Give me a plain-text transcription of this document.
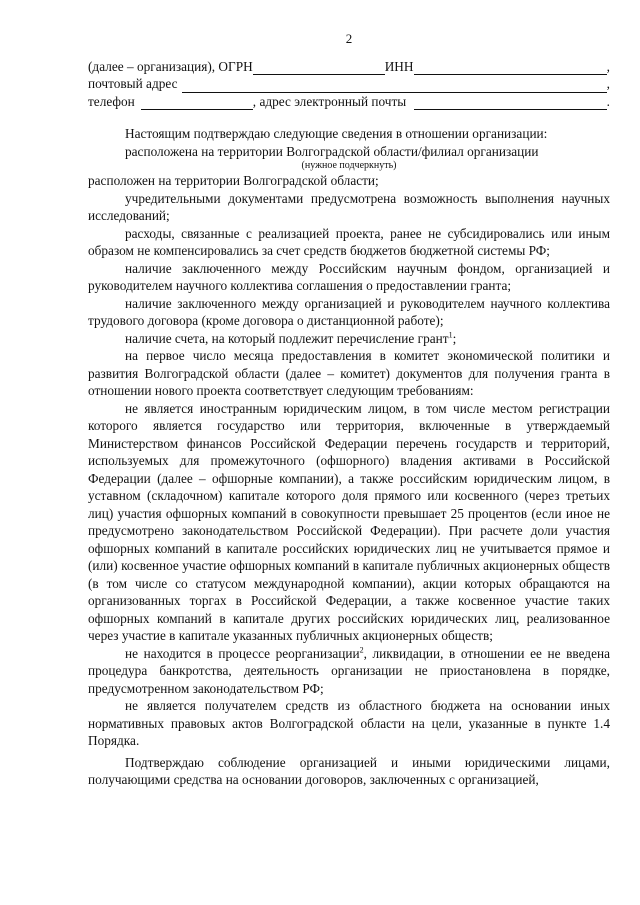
2
(далее – организация), ОГРН	ИНН	,
почтовый адрес	,
телефон	, адрес электронный почты	.

Настоящим подтверждаю следующие сведения в отношении организации:

расположена на территории Волгоградской области/филиал организации

(нужное подчеркнуть)

расположен на территории Волгоградской области;

учредительными документами предусмотрена возможность выполнения научных исследований;

расходы, связанные с реализацией проекта, ранее не субсидировались или иным образом не компенсировались за счет средств бюджетов бюджетной системы РФ;

наличие заключенного между Российским научным фондом, организацией и руководителем научного коллектива соглашения о предоставлении гранта;

наличие заключенного между организацией и руководителем научного коллектива трудового договора (кроме договора о дистанционной работе);

наличие счета, на который подлежит перечисление грант$^1$;

на первое число месяца предоставления в комитет экономической политики и развития Волгоградской области (далее – комитет) документов для получения гранта в отношении нового проекта соответствует следующим требованиям:

не является иностранным юридическим лицом, в том числе местом регистрации которого является государство или территория, включенные в утверждаемый Министерством финансов Российской Федерации перечень государств и территорий, используемых для промежуточного (офшорного) владения активами в Российской Федерации (далее – офшорные компании), а также российским юридическим лицом, в уставном (складочном) капитале которого доля прямого или косвенного (через третьих лиц) участия офшорных компаний в совокупности превышает 25 процентов (если иное не предусмотрено законодательством Российской Федерации). При расчете доли участия офшорных компаний в капитале российских юридических лиц не учитывается прямое и (или) косвенное участие офшорных компаний в капитале публичных акционерных обществ (в том числе со статусом международной компании), акции которых обращаются на организованных торгах в Российской Федерации, а также косвенное участие таких офшорных компаний в капитале других российских юридических лиц, реализованное через участие в капитале указанных публичных акционерных обществ;

не находится в процессе реорганизации$^2$, ликвидации, в отношении ее не введена процедура банкротства, деятельность организации не приостановлена в порядке, предусмотренном законодательством РФ;

не является получателем средств из областного бюджета на основании иных нормативных правовых актов Волгоградской области на цели, указанные в пункте 1.4 Порядка.

Подтверждаю соблюдение организацией и иными юридическими лицами, получающими средства на основании договоров, заключенных с организацией,
